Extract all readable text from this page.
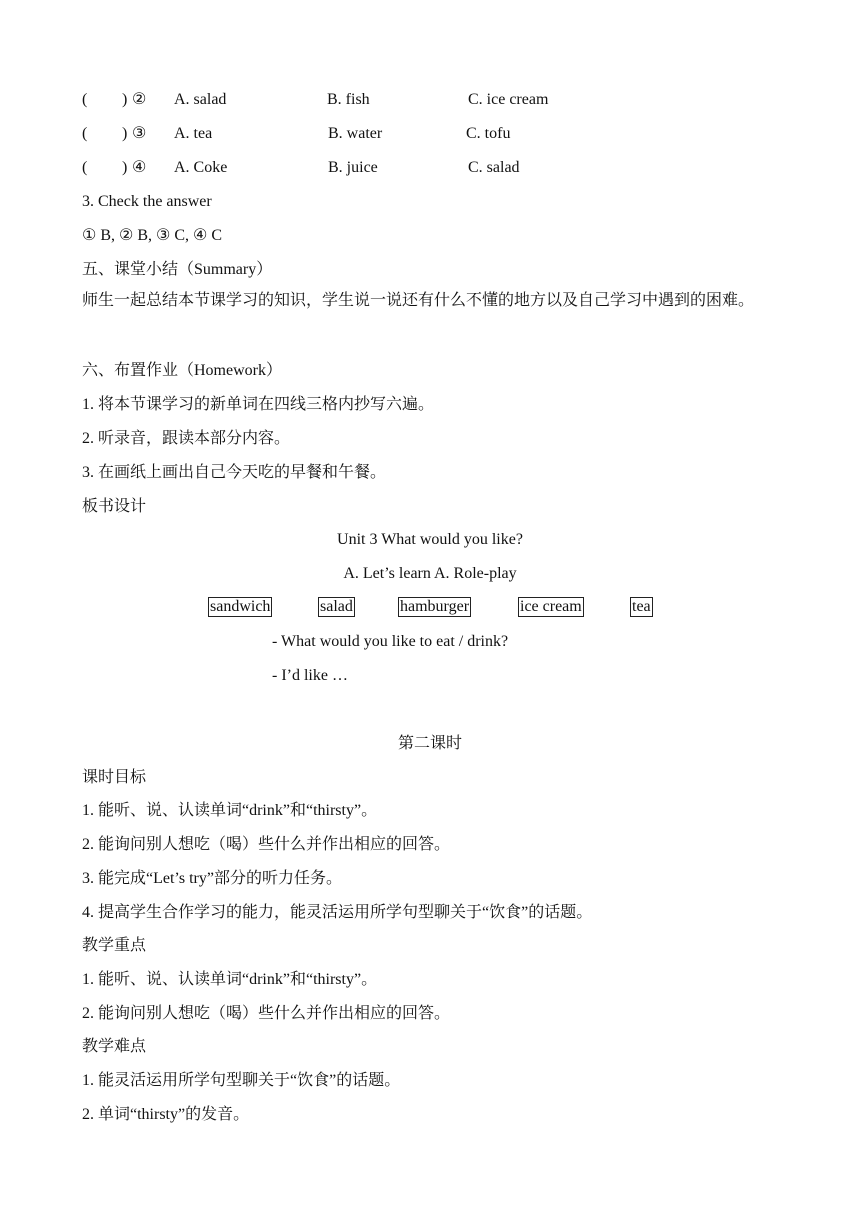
( ) ② A. salad	B. fish	C. ice cream
( ) ③ A. tea	B. water	C. tofu
( ) ④ A. Coke	B. juice	C. salad
3. Check the answer
① B, ② B, ③ C, ④ C
五、课堂小结（Summary）
师生一起总结本节课学习的知识，学生说一说还有什么不懂的地方以及自己学习中遇到的困难。
六、布置作业（Homework）
1. 将本节课学习的新单词在四线三格内抄写六遍。
2. 听录音，跟读本部分内容。
3. 在画纸上画出自己今天吃的早餐和午餐。
板书设计
Unit 3 What would you like?
A. Let’s learn A. Role-play
sandwich	salad	hamburger	ice cream	tea
- What would you like to eat / drink?
- I’d like …
第二课时
课时目标
1. 能听、说、认读单词“drink”和“thirsty”。
2. 能询问别人想吃（喝）些什么并作出相应的回答。
3. 能完成“Let’s try”部分的听力任务。
4. 提高学生合作学习的能力，能灵活运用所学句型聊关于“饮食”的话题。
教学重点
1. 能听、说、认读单词“drink”和“thirsty”。
2. 能询问别人想吃（喝）些什么并作出相应的回答。
教学难点
1. 能灵活运用所学句型聊关于“饮食”的话题。
2. 单词“thirsty”的发音。
